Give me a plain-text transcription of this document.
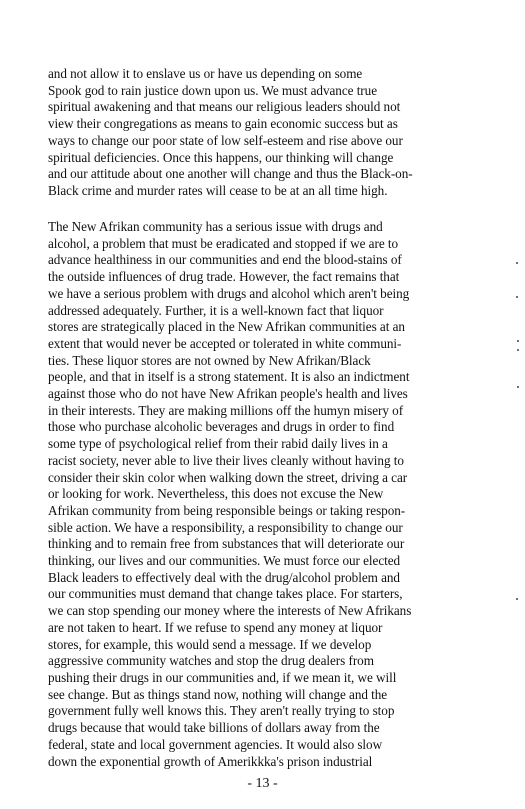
and not allow it to enslave us or have us depending on some
Spook god to rain justice down upon us. We must advance true
spiritual awakening and that means our religious leaders should not
view their congregations as means to gain economic success but as
ways to change our poor state of low self-esteem and rise above our
spiritual deficiencies. Once this happens, our thinking will change
and our attitude about one another will change and thus the Black-on-
Black crime and murder rates will cease to be at an all time high.
The New Afrikan community has a serious issue with drugs and
alcohol, a problem that must be eradicated and stopped if we are to
advance healthiness in our communities and end the blood-stains of
the outside influences of drug trade. However, the fact remains that
we have a serious problem with drugs and alcohol which aren't being
addressed adequately. Further, it is a well-known fact that liquor
stores are strategically placed in the New Afrikan communities at an
extent that would never be accepted or tolerated in white communi-
ties. These liquor stores are not owned by New Afrikan/Black
people, and that in itself is a strong statement. It is also an indictment
against those who do not have New Afrikan people's health and lives
in their interests. They are making millions off the humyn misery of
those who purchase alcoholic beverages and drugs in order to find
some type of psychological relief from their rabid daily lives in a
racist society, never able to live their lives cleanly without having to
consider their skin color when walking down the street, driving a car
or looking for work. Nevertheless, this does not excuse the New
Afrikan community from being responsible beings or taking respon-
sible action. We have a responsibility, a responsibility to change our
thinking and to remain free from substances that will deteriorate our
thinking, our lives and our communities. We must force our elected
Black leaders to effectively deal with the drug/alcohol problem and
our communities must demand that change takes place. For starters,
we can stop spending our money where the interests of New Afrikans
are not taken to heart. If we refuse to spend any money at liquor
stores, for example, this would send a message. If we develop
aggressive community watches and stop the drug dealers from
pushing their drugs in our communities and, if we mean it, we will
see change. But as things stand now, nothing will change and the
government fully well knows this. They aren't really trying to stop
drugs because that would take billions of dollars away from the
federal, state and local government agencies. It would also slow
down the exponential growth of Amerikkka's prison industrial
- 13 -
